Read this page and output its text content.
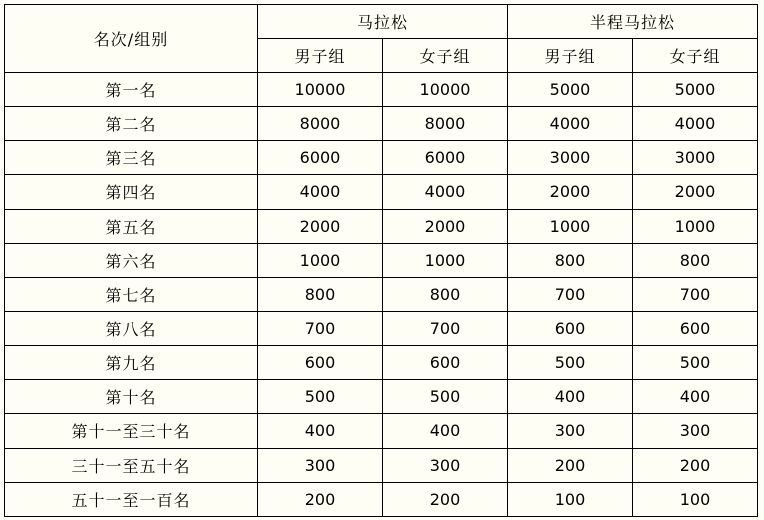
名次/组别	马拉松		半程马拉松	
	男子组	女子组	男子组	女子组
第一名	10000	10000	5000	5000
第二名	8000	8000	4000	4000
第三名	6000	6000	3000	3000
第四名	4000	4000	2000	2000
第五名	2000	2000	1000	1000
第六名	1000	1000	800	800
第七名	800	800	700	700
第八名	700	700	600	600
第九名	600	600	500	500
第十名	500	500	400	400
第十一至三十名	400	400	300	300
三十一至五十名	300	300	200	200
五十一至一百名	200	200	100	100
